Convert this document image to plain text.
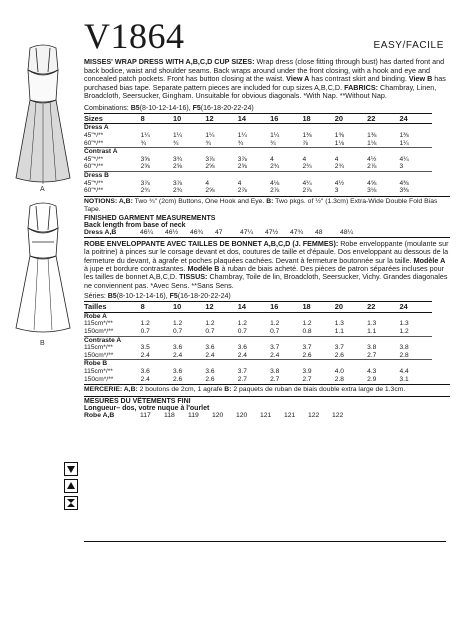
A
B
V1864	EASY/FACILE

MISSES' WRAP DRESS WITH A,B,C,D CUP SIZES: Wrap dress (close fitting through bust) has darted front and back bodice, waist and shoulder seams. Back wraps around under the front closing, with a hook and eye and concealed patch pockets. Front has button closing at the waist. View A has contrast skirt and binding. View B has purchased bias tape. Separate pattern pieces are included for cup sizes A,B,C,D. FABRICS: Chambray, Linen, Broadcloth, Seersucker, Gingham. Unsuitable for obvious diagonals. *With Nap. **Without Nap.

Combinations: B5(8-10-12-14-16), F5(16-18-20-22-24)
Sizes	8	10	12	14	16	18	20	22	24
Dress A									
45"*/**	1¼	1¼	1¼	1¼	1¼	1⅜	1⅜	1⅜	1⅜
60"*/**	¾	¾	¾	¾	¾	⅞	1⅛	1⅛	1¼
Contrast A									
45"*/**	3⅝	3¾	3⅞	3⅞	4	4	4	4½	4¼
60"*/**	2⅝	2⅝	2⅝	2⅝	2¾	2¾	2¾	2⅞	3
Dress B									
45"*/**	3⅞	3⅞	4	4	4⅛	4¼	4½	4⅝	4⅜
60"*/**	2¾	2¾	2⅝	2⅞	2⅞	2⅞	3	3⅛	3⅜
NOTIONS: A,B: Two ¾" (2cm) Buttons, One Hook and Eye. B: Two pkgs. of ½" (1.3cm) Extra-Wide Double Fold Bias Tape.
FINISHED GARMENT MEASUREMENTS
Back length from base of neck
Dress A,B	46¼	46½	46¾	47	47¼	47½	47¾	48	48¼

ROBE ENVELOPPANTE AVEC TAILLES DE BONNET A,B,C,D (J. FEMMES): Robe enveloppante (moulante sur la poitrine) à pinces sur le corsage devant et dos, coutures de taille et d'épaule. Dos enveloppant au dessous de la fermeture du devant, à agrafe et poches plaquées cachées. Devant à fermeture boutonnée sur la taille. Modèle A à jupe et bordure contrastantes. Modèle B à ruban de biais acheté. Des pièces de patron séparées incluses pour les tailles de bonnet A,B,C,D. TISSUS: Chambray, Toile de lin, Broadcloth, Seersucker, Vichy. Grandes diagonales ne conviennent pas. *Avec Sens. **Sans Sens.

Séries: B5(8-10-12-14-16), F5(16-18-20-22-24)
Tailles	8	10	12	14	16	18	20	22	24
Robe A									
115cm*/**	1.2	1.2	1.2	1.2	1.2	1.2	1.3	1.3	1.3
150cm*/**	0.7	0.7	0.7	0.7	0.7	0.8	1.1	1.1	1.2
Contraste A									
115cm*/**	3.5	3.6	3.6	3.6	3.7	3.7	3.7	3.8	3.8
150cm*/**	2.4	2.4	2.4	2.4	2.4	2.6	2.6	2.7	2.8
Robe B									
115cm*/**	3.6	3.6	3.6	3.7	3.8	3.9	4.0	4.3	4.4
150cm*/**	2.4	2.6	2.6	2.7	2.7	2.7	2.8	2.9	3.1
MERCERIE: A,B: 2 boutons de 2cm, 1 agrafe B: 2 paquets de ruban de biais double extra large de 1.3cm.
MESURES DU VÊTEMENTS FINI
Longueur– dos, votre nuque à l'ourlet
Robe A,B	117	118	119	120	120	121	121	122	122
